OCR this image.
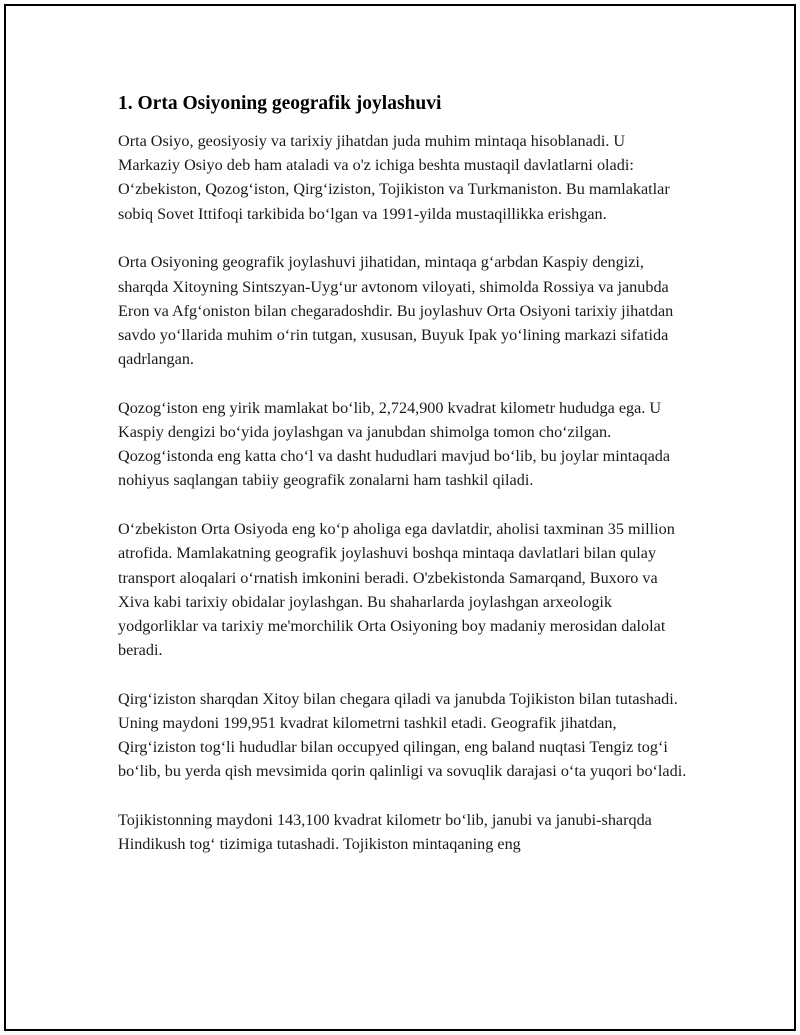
1. Orta Osiyoning geografik joylashuvi

Orta Osiyo, geosiyosiy va tarixiy jihatdan juda muhim mintaqa hisoblanadi. U Markaziy Osiyo deb ham ataladi va o'z ichiga beshta mustaqil davlatlarni oladi: O‘zbekiston, Qozog‘iston, Qirg‘iziston, Tojikiston va Turkmaniston. Bu mamlakatlar sobiq Sovet Ittifoqi tarkibida bo‘lgan va 1991-yilda mustaqillikka erishgan.

Orta Osiyoning geografik joylashuvi jihatidan, mintaqa g‘arbdan Kaspiy dengizi, sharqda Xitoyning Sintszyan-Uyg‘ur avtonom viloyati, shimolda Rossiya va janubda Eron va Afg‘oniston bilan chegaradoshdir. Bu joylashuv Orta Osiyoni tarixiy jihatdan savdo yo‘llarida muhim o‘rin tutgan, xususan, Buyuk Ipak yo‘lining markazi sifatida qadrlangan.

Qozog‘iston eng yirik mamlakat bo‘lib, 2,724,900 kvadrat kilometr hududga ega. U Kaspiy dengizi bo‘yida joylashgan va janubdan shimolga tomon cho‘zilgan. Qozog‘istonda eng katta cho‘l va dasht hududlari mavjud bo‘lib, bu joylar mintaqada nohiyus saqlangan tabiiy geografik zonalarni ham tashkil qiladi.

O‘zbekiston Orta Osiyoda eng ko‘p aholiga ega davlatdir, aholisi taxminan 35 million atrofida. Mamlakatning geografik joylashuvi boshqa mintaqa davlatlari bilan qulay transport aloqalari o‘rnatish imkonini beradi. O'zbekistonda Samarqand, Buxoro va Xiva kabi tarixiy obidalar joylashgan. Bu shaharlarda joylashgan arxeologik yodgorliklar va tarixiy me'morchilik Orta Osiyoning boy madaniy merosidan dalolat beradi.

Qirg‘iziston sharqdan Xitoy bilan chegara qiladi va janubda Tojikiston bilan tutashadi. Uning maydoni 199,951 kvadrat kilometrni tashkil etadi. Geografik jihatdan, Qirg‘iziston tog‘li hududlar bilan occupyed qilingan, eng baland nuqtasi Tengiz tog‘i bo‘lib, bu yerda qish mevsimida qorin qalinligi va sovuqlik darajasi o‘ta yuqori bo‘ladi.

Tojikistonning maydoni 143,100 kvadrat kilometr bo‘lib, janubi va janubi-sharqda Hindikush tog‘ tizimiga tutashadi. Tojikiston mintaqaning eng
